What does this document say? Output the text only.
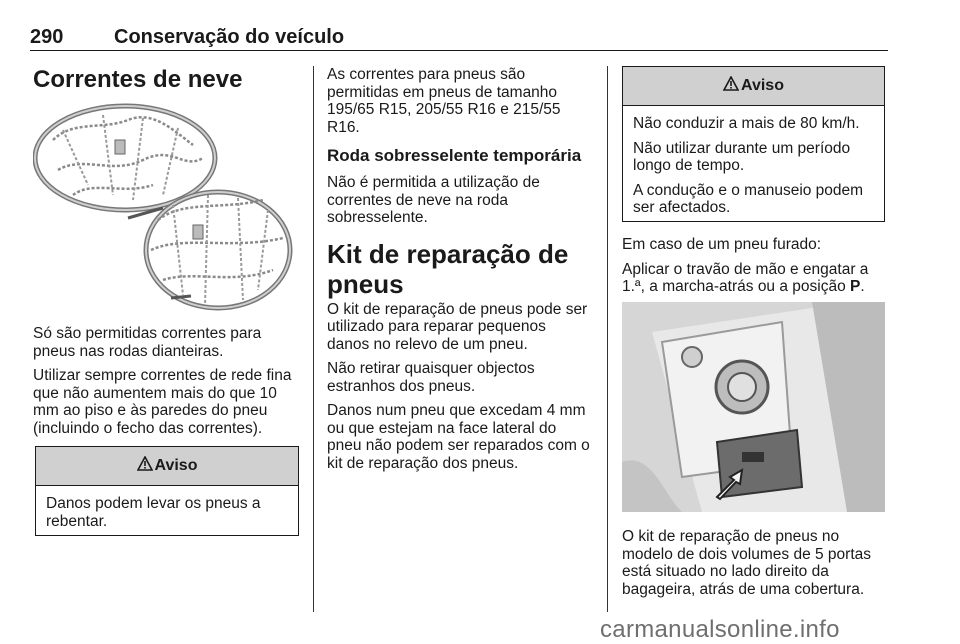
290	Conservação do veículo
Correntes de neve

Só são permitidas correntes para pneus nas rodas dianteiras.

Utilizar sempre correntes de rede fina que não aumentem mais do que 10 mm ao piso e às paredes do pneu (incluindo o fecho das correntes).

Aviso

Danos podem levar os pneus a rebentar.

As correntes para pneus são permitidas em pneus de tamanho 195/65 R15, 205/55 R16 e 215/55 R16.

Roda sobresselente temporária

Não é permitida a utilização de correntes de neve na roda sobresselente.

Kit de reparação de pneus

O kit de reparação de pneus pode ser utilizado para reparar pequenos danos no relevo de um pneu.

Não retirar quaisquer objectos estranhos dos pneus.

Danos num pneu que excedam 4 mm ou que estejam na face lateral do pneu não podem ser reparados com o kit de reparação dos pneus.

Aviso

Não conduzir a mais de 80 km/h.

Não utilizar durante um período longo de tempo.

A condução e o manuseio podem ser afectados.

Em caso de um pneu furado:

Aplicar o travão de mão e engatar a 1.ª, a marcha-atrás ou a posição P.

O kit de reparação de pneus no modelo de dois volumes de 5 portas está situado no lado direito da bagageira, atrás de uma cobertura.

carmanualsonline.info
